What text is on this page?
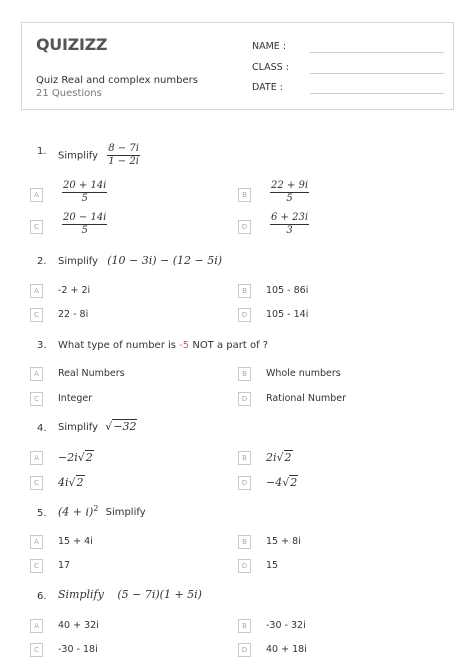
QUIZIZZ
Quiz Real and complex numbers
21 Questions
NAME :
CLASS :
DATE :
1. Simplify $\frac{8 - 7i}{1 - 2i}$
A	$\frac{20 + 14i}{5}$	B	$\frac{22 + 9i}{5}$
C	$\frac{20 - 14i}{5}$	D	$\frac{6 + 23i}{3}$
2. Simplify (10 − 3i) − (12 − 5i)
A	-2 + 2i	B	105 - 86i
C	22 - 8i	D	105 - 14i
3. What type of number is -5 NOT a part of ?
A	Real Numbers	B	Whole numbers
C	Integer	D	Rational Number
4. Simplify √−32
A	−2i√2	B	2i√2
C	4i√2	D	−4√2
5. $(4 + i)^2$ Simplify
A	15 + 4i	B	15 + 8i
C	17	D	15
6. Simplify (5 − 7i)(1 + 5i)
A	40 + 32i	B	-30 - 32i
C	-30 - 18i	D	40 + 18i
